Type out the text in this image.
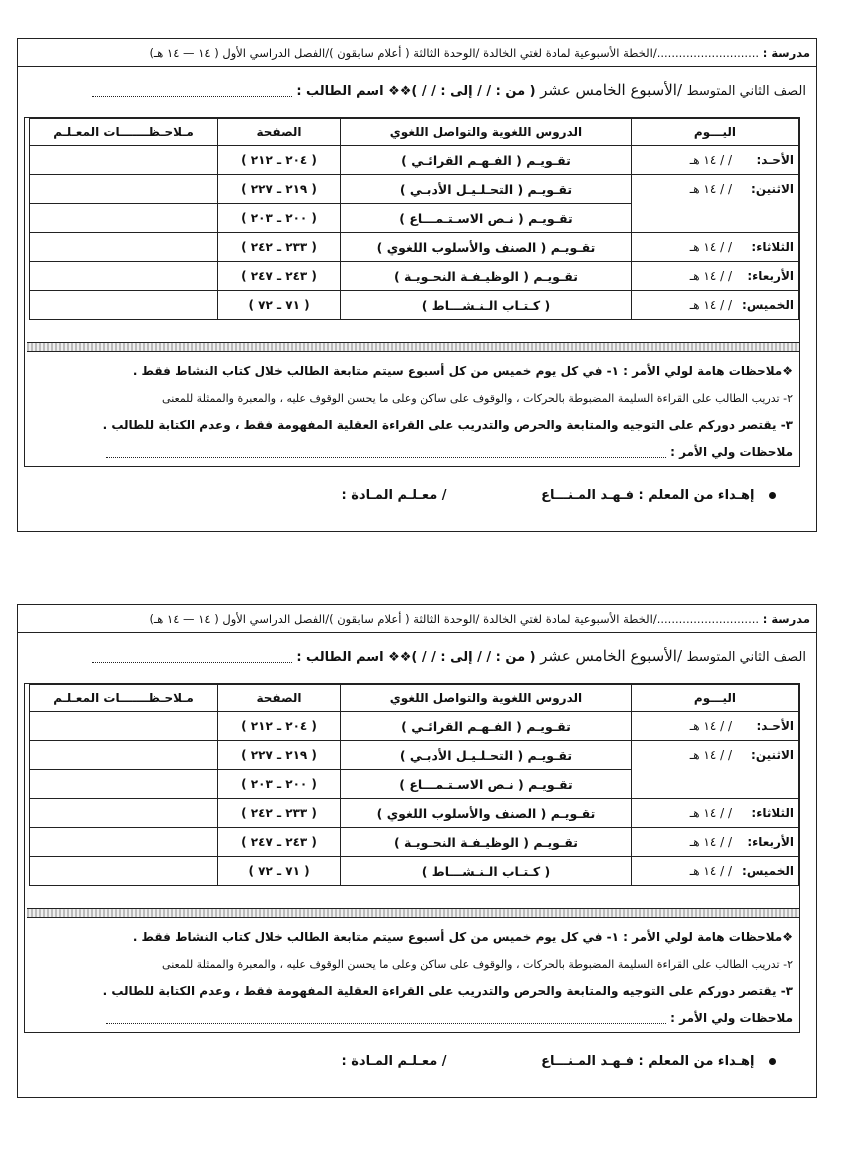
مدرسة : ............................/الخطة الأسبوعية لمادة لغتي الخالدة /الوحدة الثالثة ( أعلام سابقون )/الفصل الدراسي الأول ( ١٤ — ١٤ هـ)
الصف الثاني المتوسط /الأسبوع الخامس عشر ( من : / / إلى : / / )❖❖ اسم الطالب :
اليـــوم	الدروس اللغوية والتواصل اللغوي	الصفحة	مـلاحـظـــــــات المعـلـم
الأحـد:/ / ١٤ هـ	تقـويـم ( الفـهـم القرائـي )	( ٢٠٤ ـ ٢١٢ )	
الاثنين:/ / ١٤ هـ	تقـويـم ( التحـلـيـل الأدبـي )	( ٢١٩ ـ ٢٢٧ )	
	تقـويـم ( نـص الاسـتـمـــاع )	( ٢٠٠ ـ ٢٠٣ )	
الثلاثاء:/ / ١٤ هـ	تقـويـم ( الصنف والأسلوب اللغوي )	( ٢٣٣ ـ ٢٤٢ )	
الأربعاء:/ / ١٤ هـ	تقـويـم ( الوظيـفـة النحـويـة )	( ٢٤٣ ـ ٢٤٧ )	
الخميس:/ / ١٤ هـ	( كـتـاب الـنـشـــاط )	( ٧١ ـ ٧٢ )	
❖ملاحظات هامة لولي الأمر : ١- في كل يوم خميس من كل أسبوع سيتم متابعة الطالب خلال كتاب النشاط فقط .
٢- تدريب الطالب على القراءة السليمة المضبوطة بالحركات ، والوقوف على ساكن وعلى ما يحسن الوقوف عليه ، والمعبرة والممثلة للمعنى
٣- يقتصر دوركم على التوجيه والمتابعة والحرص والتدريب على القراءة العقلية المفهومة فقط ، وعدم الكتابة للطالب .
ملاحظات ولي الأمر :
إهـداء من المعلم : فـهـد المـنـــاع / معـلـم المـادة :
مدرسة : ............................/الخطة الأسبوعية لمادة لغتي الخالدة /الوحدة الثالثة ( أعلام سابقون )/الفصل الدراسي الأول ( ١٤ — ١٤ هـ)
الصف الثاني المتوسط /الأسبوع الخامس عشر ( من : / / إلى : / / )❖❖ اسم الطالب :
اليـــوم	الدروس اللغوية والتواصل اللغوي	الصفحة	مـلاحـظـــــــات المعـلـم
الأحـد:/ / ١٤ هـ	تقـويـم ( الفـهـم القرائـي )	( ٢٠٤ ـ ٢١٢ )	
الاثنين:/ / ١٤ هـ	تقـويـم ( التحـلـيـل الأدبـي )	( ٢١٩ ـ ٢٢٧ )	
	تقـويـم ( نـص الاسـتـمـــاع )	( ٢٠٠ ـ ٢٠٣ )	
الثلاثاء:/ / ١٤ هـ	تقـويـم ( الصنف والأسلوب اللغوي )	( ٢٣٣ ـ ٢٤٢ )	
الأربعاء:/ / ١٤ هـ	تقـويـم ( الوظيـفـة النحـويـة )	( ٢٤٣ ـ ٢٤٧ )	
الخميس:/ / ١٤ هـ	( كـتـاب الـنـشـــاط )	( ٧١ ـ ٧٢ )	
❖ملاحظات هامة لولي الأمر : ١- في كل يوم خميس من كل أسبوع سيتم متابعة الطالب خلال كتاب النشاط فقط .
٢- تدريب الطالب على القراءة السليمة المضبوطة بالحركات ، والوقوف على ساكن وعلى ما يحسن الوقوف عليه ، والمعبرة والممثلة للمعنى
٣- يقتصر دوركم على التوجيه والمتابعة والحرص والتدريب على القراءة العقلية المفهومة فقط ، وعدم الكتابة للطالب .
ملاحظات ولي الأمر :
إهـداء من المعلم : فـهـد المـنـــاع / معـلـم المـادة :
